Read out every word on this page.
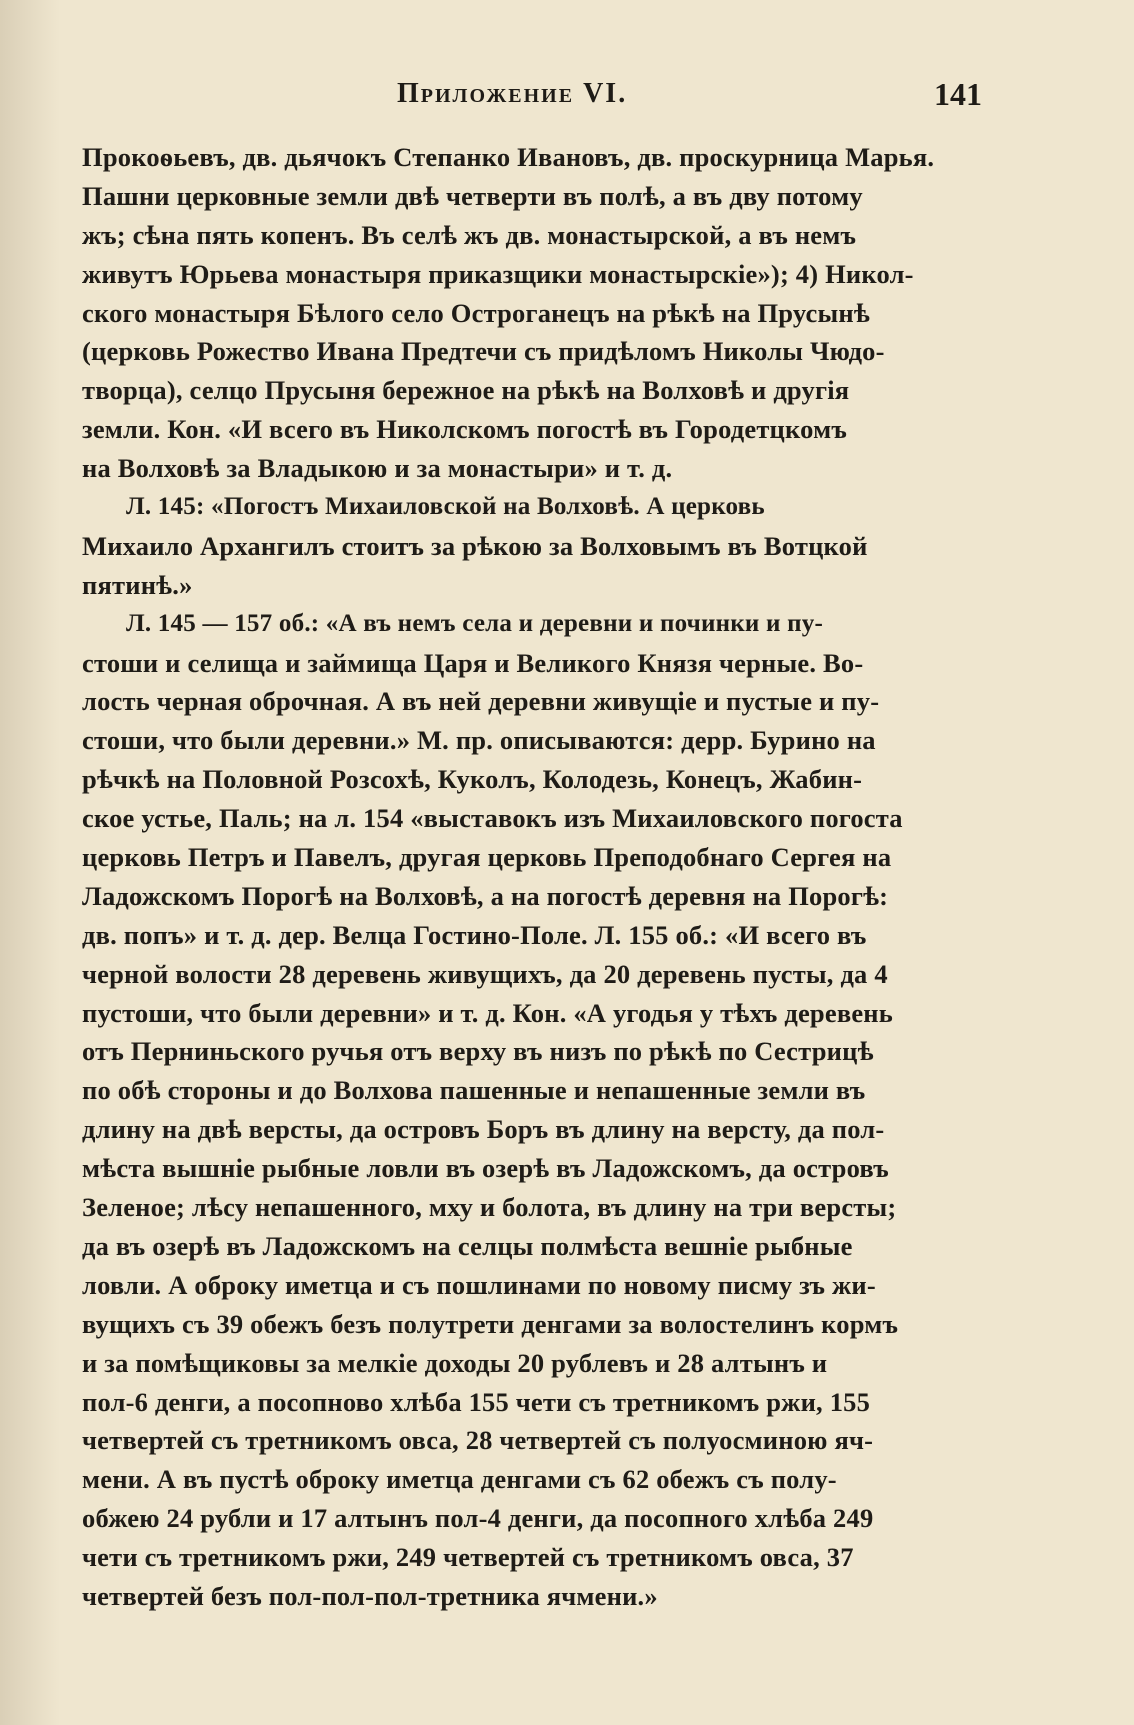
Приложение VI.	141
Прокоѳьевъ, дв. дьячокъ Степанко Ивановъ, дв. проскурница Марья.
Пашни церковные земли двѣ четверти въ полѣ, а въ дву потому
жъ; сѣна пять копенъ. Въ селѣ жъ дв. монастырской, а въ немъ
живутъ Юрьева монастыря приказщики монастырскіе»); 4) Никол-
ского монастыря Бѣлого село Остроганецъ на рѣкѣ на Прусынѣ
(церковь Рожество Ивана Предтечи съ придѣломъ Николы Чюдо-
творца), селцо Прусыня бережное на рѣкѣ на Волховѣ и другія
земли. Кон. «И всего въ Николскомъ погостѣ въ Городетцкомъ
на Волховѣ за Владыкою и за монастыри» и т. д.
Л. 145: «Погостъ Михаиловской на Волховѣ. А церковь
Михаило Архангилъ стоитъ за рѣкою за Волховымъ въ Вотцкой
пятинѣ.»
Л. 145 — 157 об.: «А въ немъ села и деревни и починки и пу-
стоши и селища и займища Царя и Великого Князя черные. Во-
лость черная оброчная. А въ ней деревни живущіе и пустые и пу-
стоши, что были деревни.» М. пр. описываются: дерр. Бурино на
рѣчкѣ на Половной Розсохѣ, Куколъ, Колодезь, Конецъ, Жабин-
ское устье, Паль; на л. 154 «выставокъ изъ Михаиловского погоста
церковь Петръ и Павелъ, другая церковь Преподобнаго Сергея на
Ладожскомъ Порогѣ на Волховѣ, а на погостѣ деревня на Порогѣ:
дв. попъ» и т. д. дер. Велца Гостино-Поле. Л. 155 об.: «И всего въ
черной волости 28 деревень живущихъ, да 20 деревень пусты, да 4
пустоши, что были деревни» и т. д. Кон. «А угодья у тѣхъ деревень
отъ Перниньского ручья отъ верху въ низъ по рѣкѣ по Сестрицѣ
по обѣ стороны и до Волхова пашенные и непашенные земли въ
длину на двѣ версты, да островъ Боръ въ длину на версту, да пол-
мѣста вышніе рыбные ловли въ озерѣ въ Ладожскомъ, да островъ
Зеленое; лѣсу непашенного, мху и болота, въ длину на три версты;
да въ озерѣ въ Ладожскомъ на селцы полмѣста вешніе рыбные
ловли. А оброку иметца и съ пошлинами по новому писму зъ жи-
вущихъ съ 39 обежъ безъ полутрети денгами за волостелинъ кормъ
и за помѣщиковы за мелкіе доходы 20 рублевъ и 28 алтынъ и
пол-6 денги, а посопново хлѣба 155 чети съ третникомъ ржи, 155
четвертей съ третникомъ овса, 28 четвертей съ полуосминою яч-
мени. А въ пустѣ оброку иметца денгами съ 62 обежъ съ полу-
обжею 24 рубли и 17 алтынъ пол-4 денги, да посопного хлѣба 249
чети съ третникомъ ржи, 249 четвертей съ третникомъ овса, 37
четвертей безъ пол-пол-пол-третника ячмени.»
